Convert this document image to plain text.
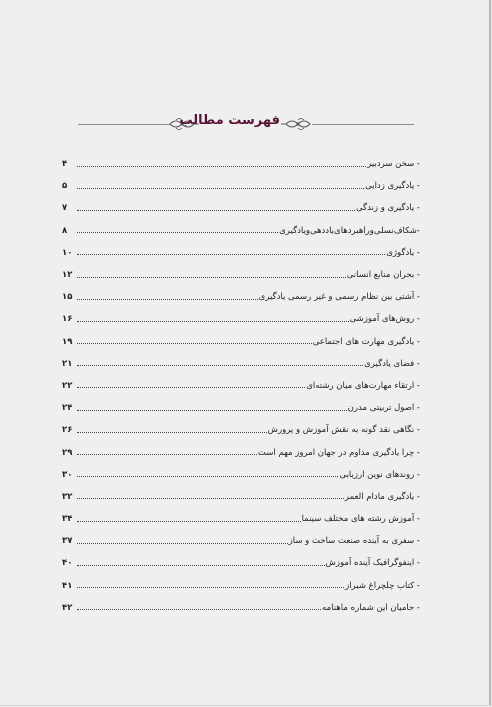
فهرست مطالب
- سخن سردبیر
۴
- یادگیری زدایی
۵
- یادگیری و زندگی
۷
-شکاف‌نسلی‌وراهبردهای‌یاددهی‌ویادگیری
۸
- یادگوژی
۱۰
- بحران منابع انسانی
۱۲
- آشتی بین نظام رسمی و غیر رسمی یادگیری
۱۵
- روش‌های آموزشی
۱۶
- یادگیری مهارت های اجتماعی
۱۹
- فضای یادگیری
۲۱
- ارتقاء مهارت‌های میان رشته‌ای
۲۲
- اصول تربیتی مدرن
۲۴
- نگاهی نقد گونه به نقش آموزش و پرورش
۲۶
- چرا یادگیری مداوم در جهان امروز مهم است
۲۹
- روندهای نوین ارزیابی
۳۰
- یادگیری مادام العمر
۳۲
- آموزش رشته های مختلف سینما
۳۴
- سفری به آینده صنعت ساخت و ساز
۳۷
- اینفوگرافیک آینده آموزش
۴۰
- کتاب چلچراغ شیراز
۴۱
- حامیان این شماره ماهنامه
۴۲
